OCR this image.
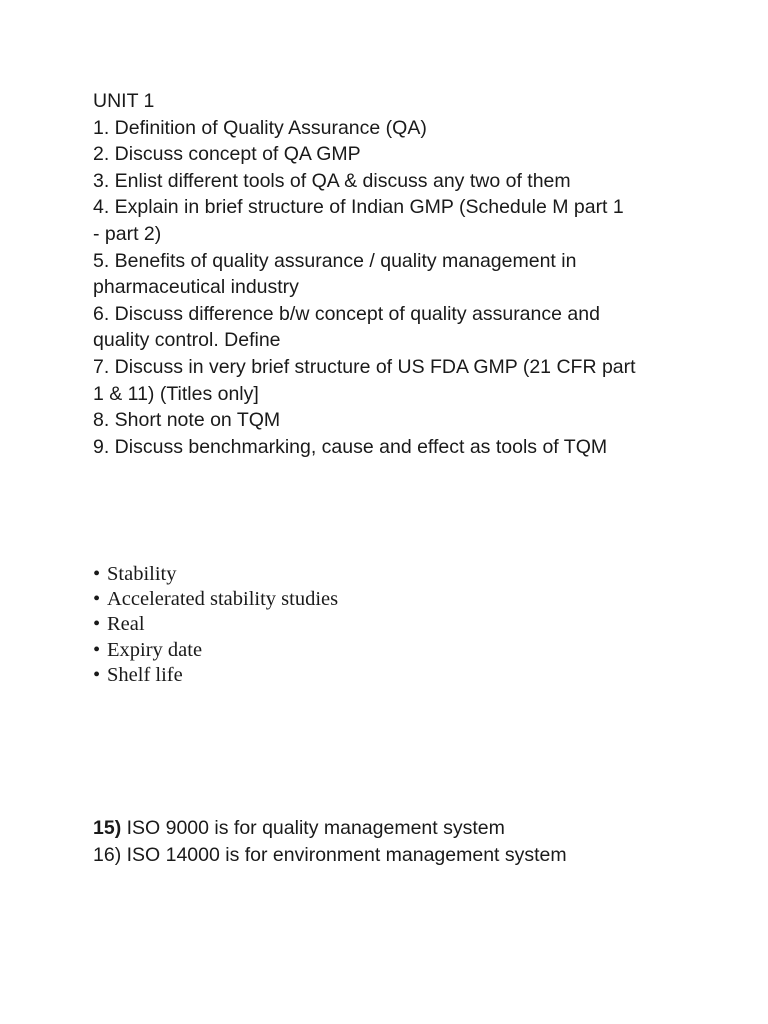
UNIT 1
1. Definition of Quality Assurance (QA)
2. Discuss concept of QA GMP
3. Enlist different tools of QA & discuss any two of them
4. Explain in brief structure of Indian GMP (Schedule M part 1
- part 2)
5. Benefits of quality assurance / quality management in
pharmaceutical industry
6. Discuss difference b/w concept of quality assurance and
quality control. Define
7. Discuss in very brief structure of US FDA GMP (21 CFR part
1 & 11) (Titles only]
8. Short note on TQM
9. Discuss benchmarking, cause and effect as tools of TQM
• Stability
• Accelerated stability studies
• Real
• Expiry date
• Shelf life
15) ISO 9000 is for quality management system
16) ISO 14000 is for environment management system
